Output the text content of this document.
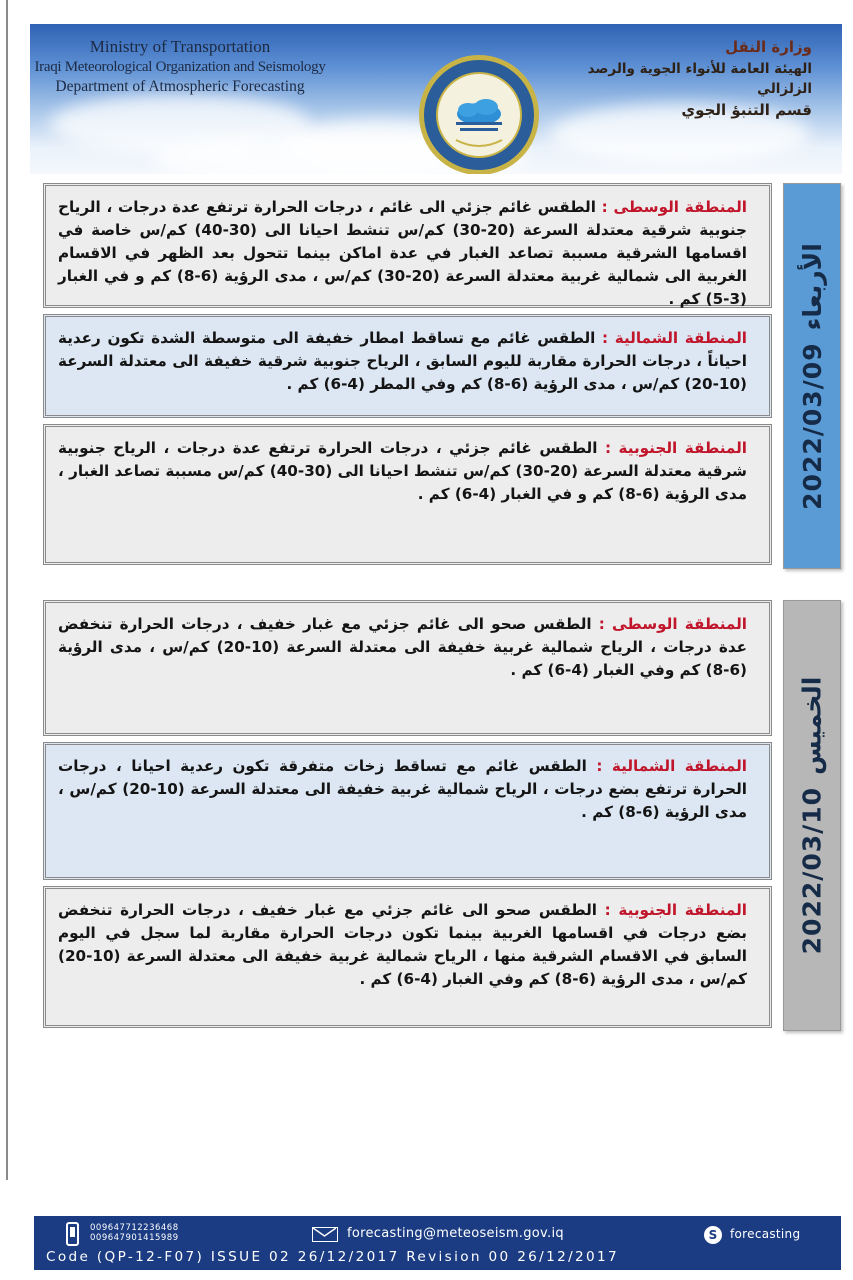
Ministry of Transportation
Iraqi Meteorological Organization and Seismology
Department of Atmospheric Forecasting
وزارة النقل
الهيئة العامة للأنواء الجوية والرصد الزلزالي
قسم التنبؤ الجوي
الأربعاء
2022/03/09
المنطقة الوسطى : الطقس غائم جزئي الى غائم ، درجات الحرارة ترتفع عدة درجات ، الرياح جنوبية شرقية معتدلة السرعة (20-30) كم/س تنشط احيانا الى (30-40) كم/س خاصة في اقسامها الشرقية مسببة تصاعد الغبار في عدة اماكن بينما تتحول بعد الظهر في الاقسام الغربية الى شمالية غربية معتدلة السرعة (20-30) كم/س ، مدى الرؤية (6-8) كم و في الغبار (3-5) كم .
المنطقة الشمالية : الطقس غائم مع تساقط امطار خفيفة الى متوسطة الشدة تكون رعدية احياناً ، درجات الحرارة مقاربة لليوم السابق ، الرياح جنوبية شرقية خفيفة الى معتدلة السرعة (10-20) كم/س ، مدى الرؤية (6-8) كم وفي المطر (4-6) كم .
المنطقة الجنوبية : الطقس غائم جزئي ، درجات الحرارة ترتفع عدة درجات ، الرياح جنوبية شرقية معتدلة السرعة (20-30) كم/س تنشط احيانا الى (30-40) كم/س مسببة تصاعد الغبار ، مدى الرؤية (6-8) كم و في الغبار (4-6) كم .
الخميس
2022/03/10
المنطقة الوسطى : الطقس صحو الى غائم جزئي مع غبار خفيف ، درجات الحرارة تنخفض عدة درجات ، الرياح شمالية غربية خفيفة الى معتدلة السرعة (10-20) كم/س ، مدى الرؤية (6-8) كم وفي الغبار (4-6) كم .
المنطقة الشمالية : الطقس غائم مع تساقط زخات متفرقة تكون رعدية احيانا ، درجات الحرارة ترتفع بضع درجات ، الرياح شمالية غربية خفيفة الى معتدلة السرعة (10-20) كم/س ، مدى الرؤية (6-8) كم .
المنطقة الجنوبية : الطقس صحو الى غائم جزئي مع غبار خفيف ، درجات الحرارة تنخفض بضع درجات في اقسامها الغربية بينما تكون درجات الحرارة مقاربة لما سجل في اليوم السابق في الاقسام الشرقية منها ، الرياح شمالية غربية خفيفة الى معتدلة السرعة (10-20) كم/س ، مدى الرؤية (6-8) كم وفي الغبار (4-6) كم .
009647712236468
009647901415989	forecasting@meteoseism.gov.iq	S	forecasting
Code (QP-12-F07) ISSUE 02 26/12/2017 Revision 00 26/12/2017
